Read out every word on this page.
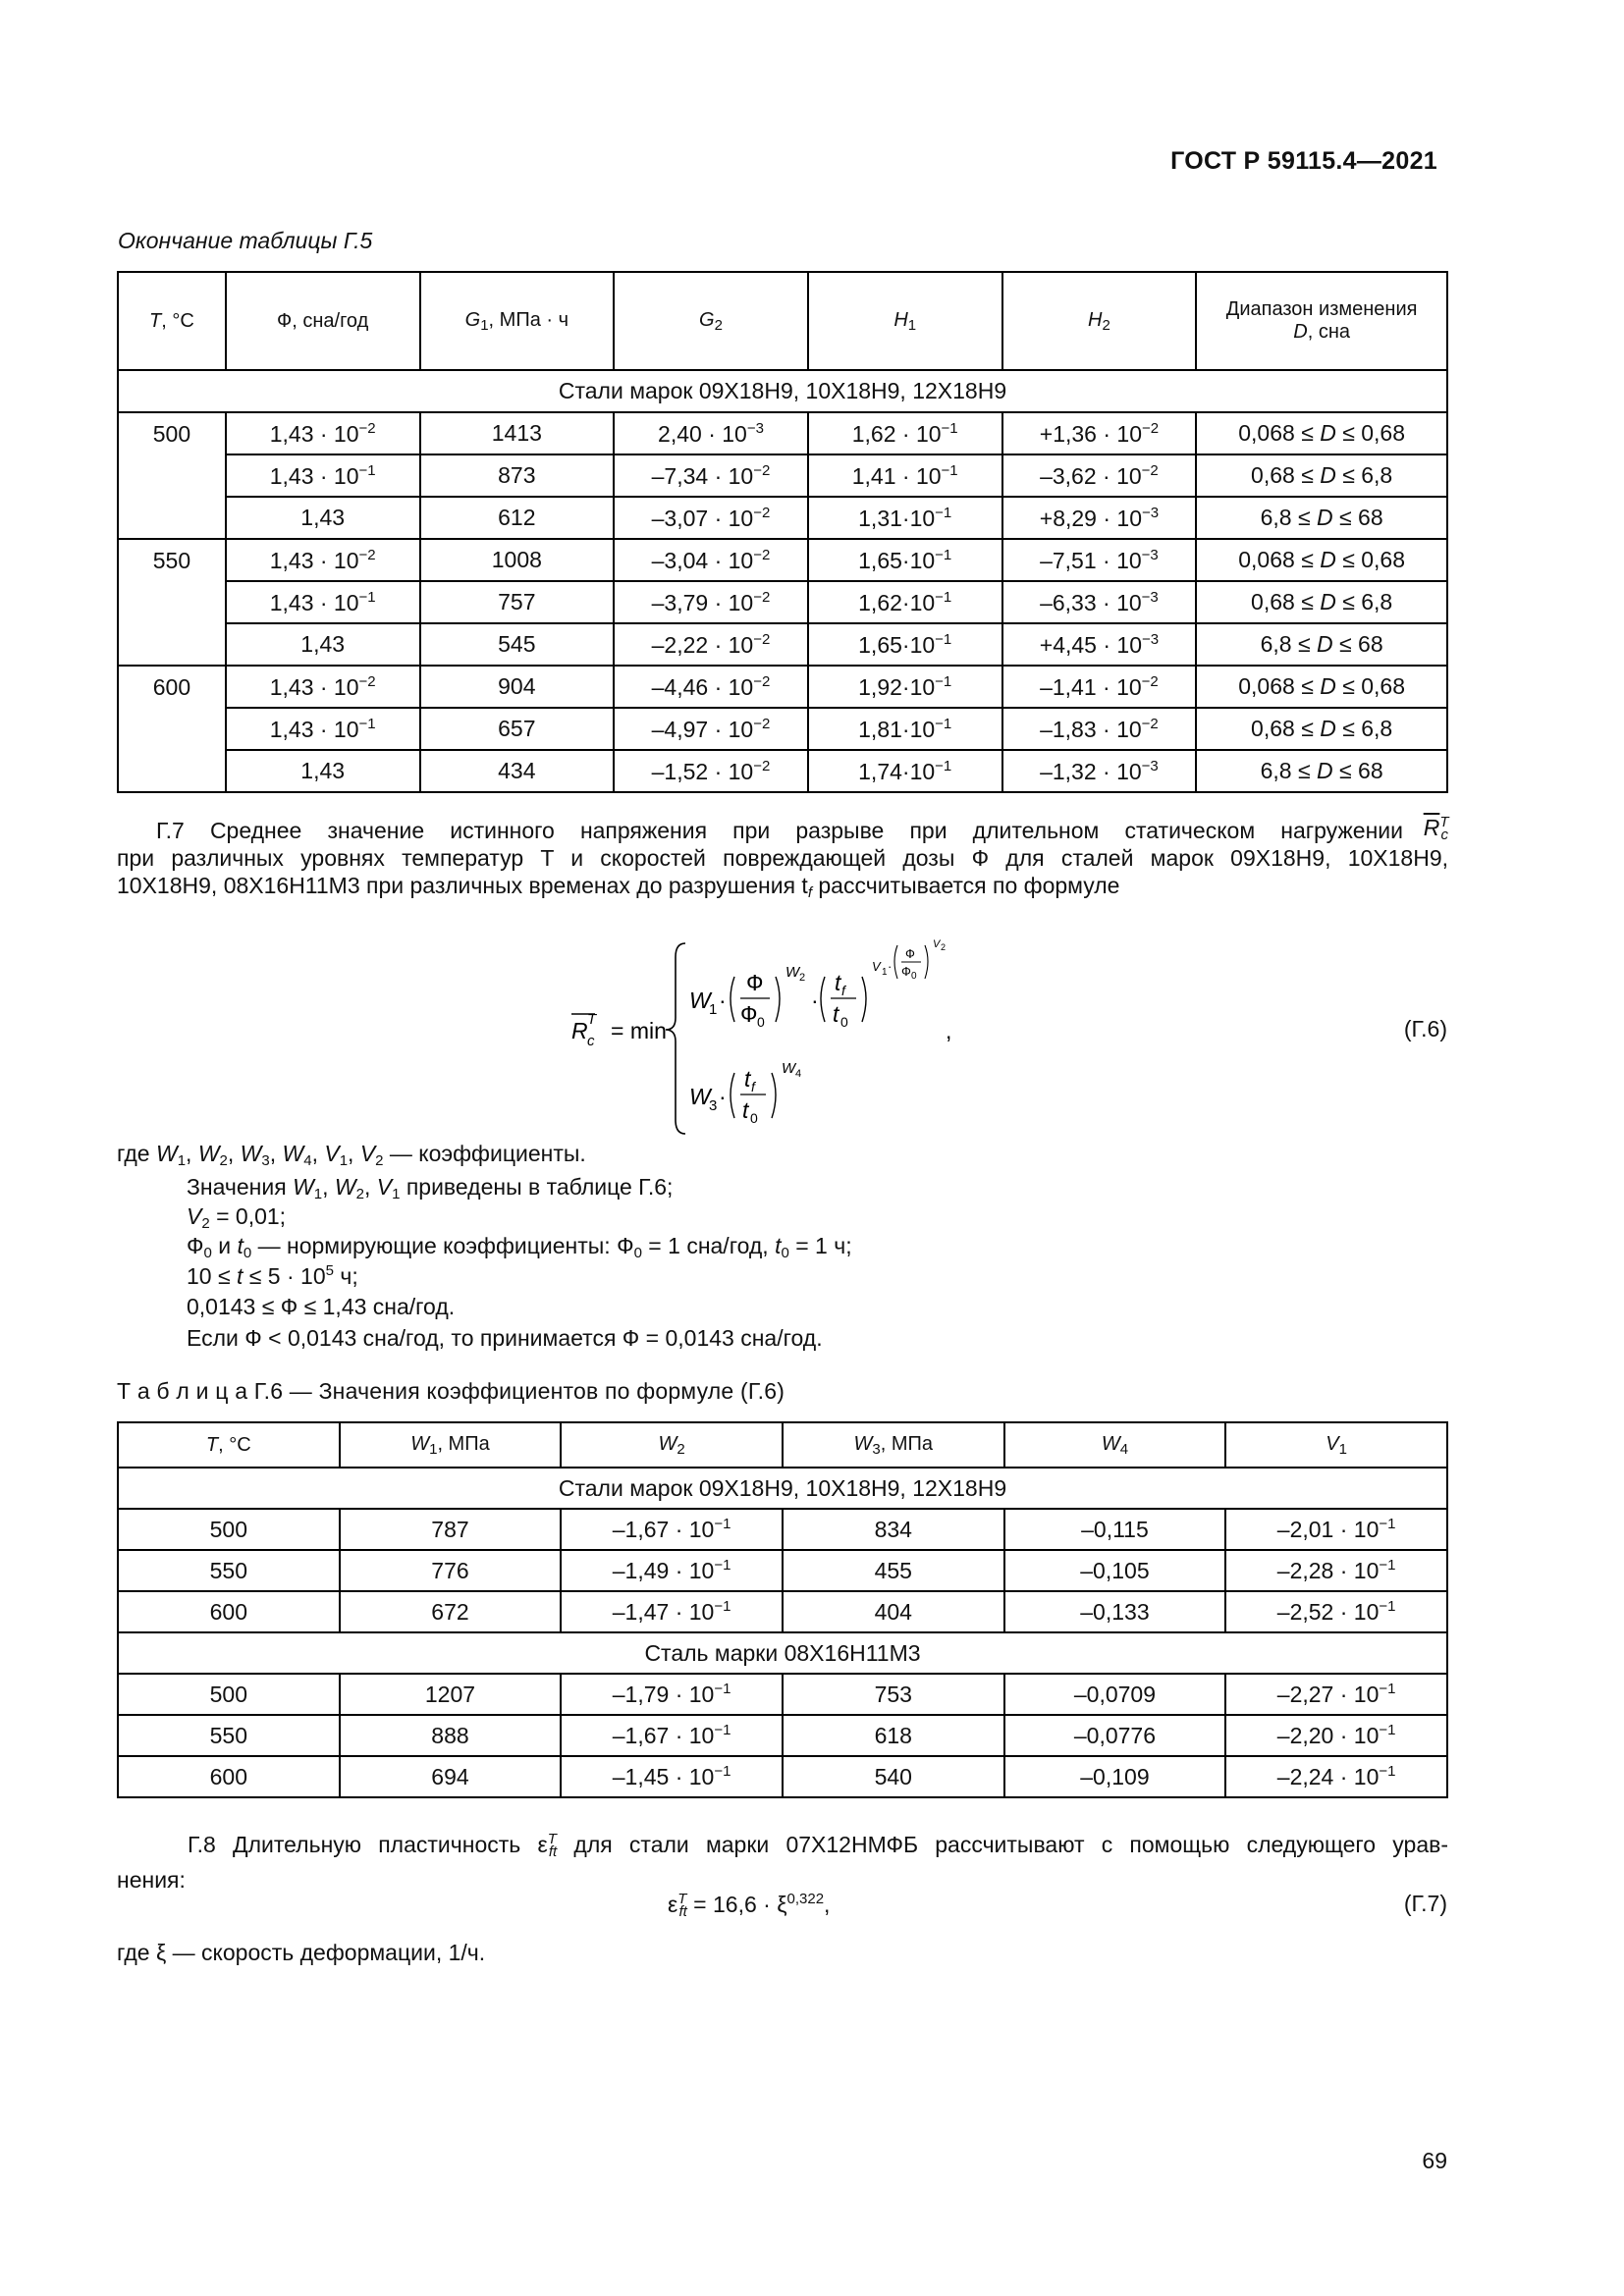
ГОСТ Р 59115.4—2021
Окончание таблицы Г.5
T, °C	Ф, сна/год	$G_1$, МПа · ч	$G_2$	$H_1$	$H_2$	Диапазон изменения
D, сна
Стали марок 09Х18Н9, 10Х18Н9, 12Х18Н9						
500	$1,43 \cdot 10^{-2}$	1413	$2,40 \cdot 10^{-3}$	$1,62 \cdot 10^{-1}$	$+1,36 \cdot 10^{-2}$	0,068 ≤ D ≤ 0,68
	$1,43 \cdot 10^{-1}$	873	$-7,34 \cdot 10^{-2}$	$1,41 \cdot 10^{-1}$	$-3,62 \cdot 10^{-2}$	0,68 ≤ D ≤ 6,8
	1,43	612	$-3,07 \cdot 10^{-2}$	$1,31\cdot 10^{-1}$	$+8,29 \cdot 10^{-3}$	6,8 ≤ D ≤ 68
550	$1,43 \cdot 10^{-2}$	1008	$-3,04 \cdot 10^{-2}$	$1,65\cdot 10^{-1}$	$-7,51 \cdot 10^{-3}$	0,068 ≤ D ≤ 0,68
	$1,43 \cdot 10^{-1}$	757	$-3,79 \cdot 10^{-2}$	$1,62\cdot 10^{-1}$	$-6,33 \cdot 10^{-3}$	0,68 ≤ D ≤ 6,8
	1,43	545	$-2,22 \cdot 10^{-2}$	$1,65\cdot 10^{-1}$	$+4,45 \cdot 10^{-3}$	6,8 ≤ D ≤ 68
600	$1,43 \cdot 10^{-2}$	904	$-4,46 \cdot 10^{-2}$	$1,92\cdot 10^{-1}$	$-1,41 \cdot 10^{-2}$	0,068 ≤ D ≤ 0,68
	$1,43 \cdot 10^{-1}$	657	$-4,97 \cdot 10^{-2}$	$1,81\cdot 10^{-1}$	$-1,83 \cdot 10^{-2}$	0,68 ≤ D ≤ 6,8
	1,43	434	$-1,52 \cdot 10^{-2}$	$1,74\cdot 10^{-1}$	$-1,32 \cdot 10^{-3}$	6,8 ≤ D ≤ 68
Г.7 Среднее значение истинного напряжения при разрыве при длительном статическом нагружении $\overline{R}^T_c$
при различных уровнях температур T и скоростей повреждающей дозы Ф для сталей марок 09Х18Н9, 10Х18Н9,
10Х18Н9, 08Х16Н11М3 при различных временах до разрушения $t_f$ рассчитывается по формуле
R T
c = min
W
1 ·
Ф
Ф 0
W 2
·
t f
t 0
V 1 ·
Ф
Ф 0
V 2
,
W
3 ·
t f
t 0
W 4
(Г.6)
где $W_1$, $W_2$, $W_3$, $W_4$, $V_1$, $V_2$ — коэффициенты.
Значения $W_1$, $W_2$, $V_1$ приведены в таблице Г.6;
$V_2 = 0,01$;
$Ф_0$ и $t_0$ — нормирующие коэффициенты: $Ф_0 = 1$ сна/год, $t_0 = 1$ ч;
$10 \le t \le 5 \cdot 10^5$ ч;
0,0143 ≤ Ф ≤ 1,43 сна/год.
Если Ф < 0,0143 сна/год, то принимается Ф = 0,0143 сна/год.
Т а б л и ц а Г.6 — Значения коэффициентов по формуле (Г.6)
T, °C	$W_1$, МПа	$W_2$	$W_3$, МПа	$W_4$	$V_1$
Стали марок 09Х18Н9, 10Х18Н9, 12Х18Н9					
500	787	$-1,67 \cdot 10^{-1}$	834	–0,115	$-2,01 \cdot 10^{-1}$
550	776	$-1,49 \cdot 10^{-1}$	455	–0,105	$-2,28 \cdot 10^{-1}$
600	672	$-1,47 \cdot 10^{-1}$	404	–0,133	$-2,52 \cdot 10^{-1}$
Сталь марки 08Х16Н11М3					
500	1207	$-1,79 \cdot 10^{-1}$	753	–0,0709	$-2,27 \cdot 10^{-1}$
550	888	$-1,67 \cdot 10^{-1}$	618	–0,0776	$-2,20 \cdot 10^{-1}$
600	694	$-1,45 \cdot 10^{-1}$	540	–0,109	$-2,24 \cdot 10^{-1}$
Г.8 Длительную пластичность $\varepsilon^T_{ft}$ для стали марки 07Х12НМФБ рассчитывают с помощью следующего урав-
нения:
$\varepsilon^T_{ft} = 16,6 \cdot \xi^{0,322}$,	(Г.7)
где ξ — скорость деформации, 1/ч.
69
